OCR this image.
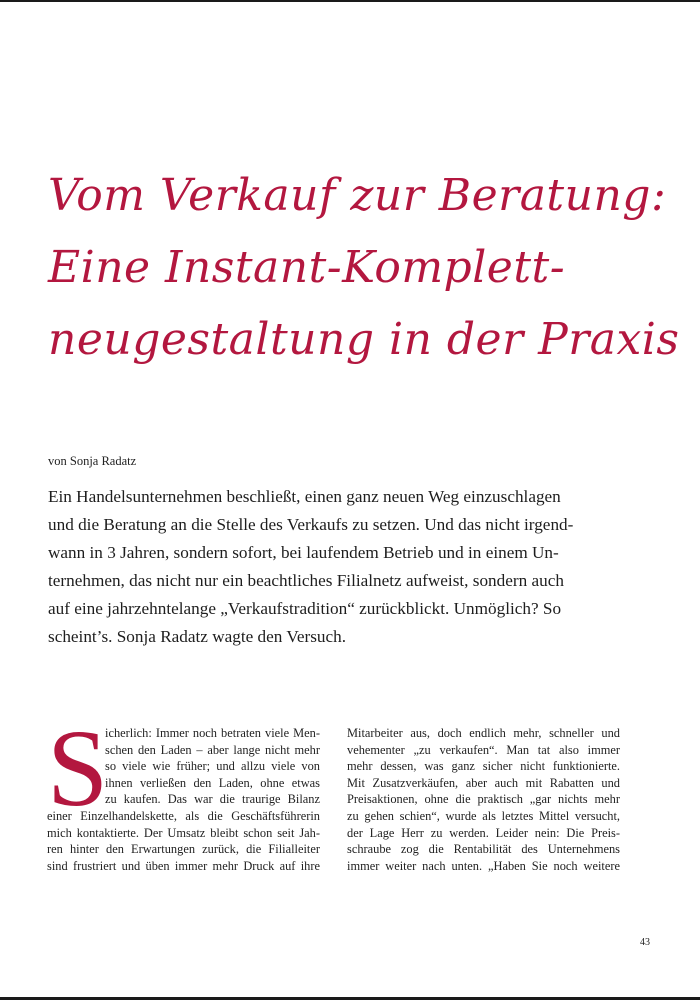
Vom Verkauf zur Beratung:
Eine Instant-Komplett-
neugestaltung in der Praxis
von Sonja Radatz
Ein Handelsunternehmen beschließt, einen ganz neuen Weg einzuschlagen
und die Beratung an die Stelle des Verkaufs zu setzen. Und das nicht irgend-
wann in 3 Jahren, sondern sofort, bei laufendem Betrieb und in einem Un-
ternehmen, das nicht nur ein beachtliches Filialnetz aufweist, sondern auch
auf eine jahrzehntelange „Verkaufstradition“ zurückblickt. Unmöglich? So
scheint’s. Sonja Radatz wagte den Versuch.
S
icherlich: Immer noch betraten viele Men-
schen den Laden – aber lange nicht mehr
so viele wie früher; und allzu viele von
ihnen verließen den Laden, ohne etwas
zu kaufen. Das war die traurige Bilanz
einer Einzelhandelskette, als die Geschäftsführerin
mich kontaktierte. Der Umsatz bleibt schon seit Jah-
ren hinter den Erwartungen zurück, die Filialleiter
sind frustriert und üben immer mehr Druck auf ihre
Mitarbeiter aus, doch endlich mehr, schneller und
vehementer „zu verkaufen“. Man tat also immer
mehr dessen, was ganz sicher nicht funktionierte.
Mit Zusatzverkäufen, aber auch mit Rabatten und
Preisaktionen, ohne die praktisch „gar nichts mehr
zu gehen schien“, wurde als letztes Mittel versucht,
der Lage Herr zu werden. Leider nein: Die Preis-
schraube zog die Rentabilität des Unternehmens
immer weiter nach unten. „Haben Sie noch weitere
43
